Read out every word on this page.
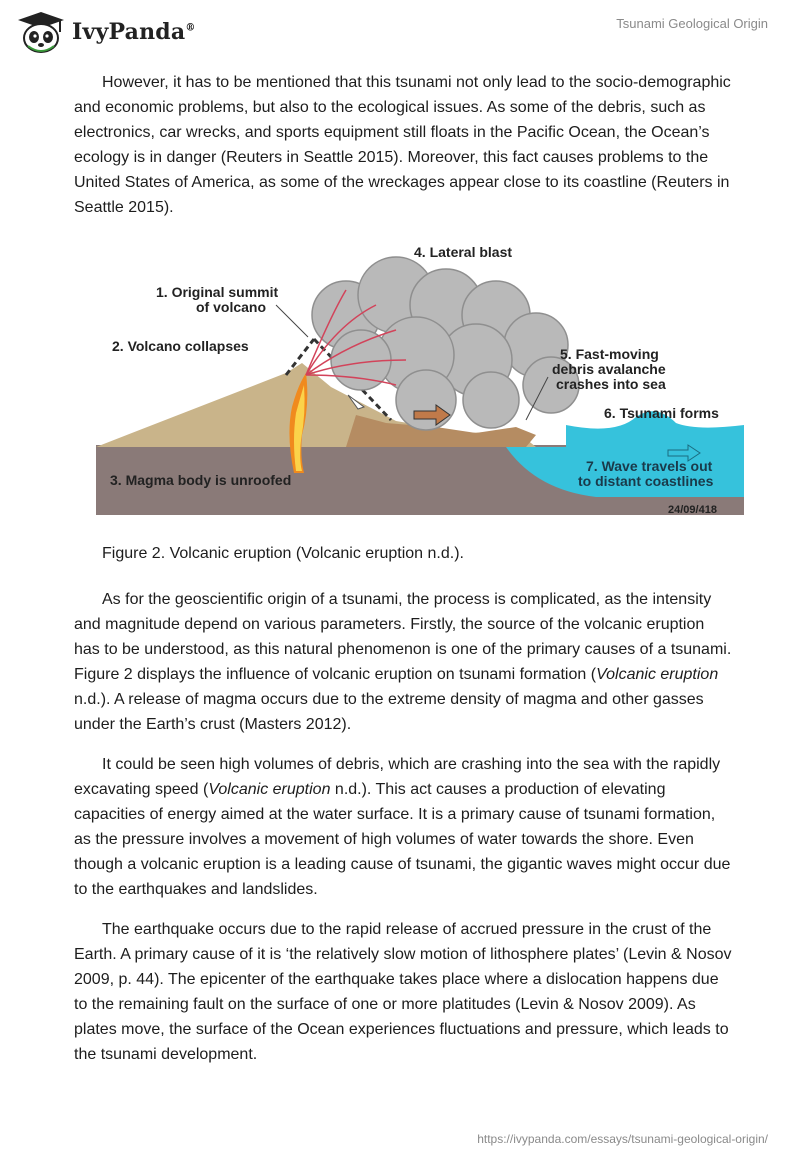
IvyPanda®	Tsunami Geological Origin

However, it has to be mentioned that this tsunami not only lead to the socio-demographic and economic problems, but also to the ecological issues. As some of the debris, such as electronics, car wrecks, and sports equipment still floats in the Pacific Ocean, the Ocean’s ecology is in danger (Reuters in Seattle 2015). Moreover, this fact causes problems to the United States of America, as some of the wreckages appear close to its coastline (Reuters in Seattle 2015).

1. Original summit
of volcano
2. Volcano collapses
3. Magma body is unroofed
4. Lateral blast
5. Fast-moving
debris avalanche
crashes into sea
6. Tsunami forms
7. Wave travels out
to distant coastlines
24/09/418

Figure 2. Volcanic eruption (Volcanic eruption n.d.).

As for the geoscientific origin of a tsunami, the process is complicated, as the intensity and magnitude depend on various parameters. Firstly, the source of the volcanic eruption has to be understood, as this natural phenomenon is one of the primary causes of a tsunami. Figure 2 displays the influence of volcanic eruption on tsunami formation (Volcanic eruption n.d.). A release of magma occurs due to the extreme density of magma and other gasses under the Earth’s crust (Masters 2012).

It could be seen high volumes of debris, which are crashing into the sea with the rapidly excavating speed (Volcanic eruption n.d.). This act causes a production of elevating capacities of energy aimed at the water surface. It is a primary cause of tsunami formation, as the pressure involves a movement of high volumes of water towards the shore. Even though a volcanic eruption is a leading cause of tsunami, the gigantic waves might occur due to the earthquakes and landslides.

The earthquake occurs due to the rapid release of accrued pressure in the crust of the Earth. A primary cause of it is ‘the relatively slow motion of lithosphere plates’ (Levin & Nosov 2009, p. 44). The epicenter of the earthquake takes place where a dislocation happens due to the remaining fault on the surface of one or more platitudes (Levin & Nosov 2009). As plates move, the surface of the Ocean experiences fluctuations and pressure, which leads to the tsunami development.

https://ivypanda.com/essays/tsunami-geological-origin/
